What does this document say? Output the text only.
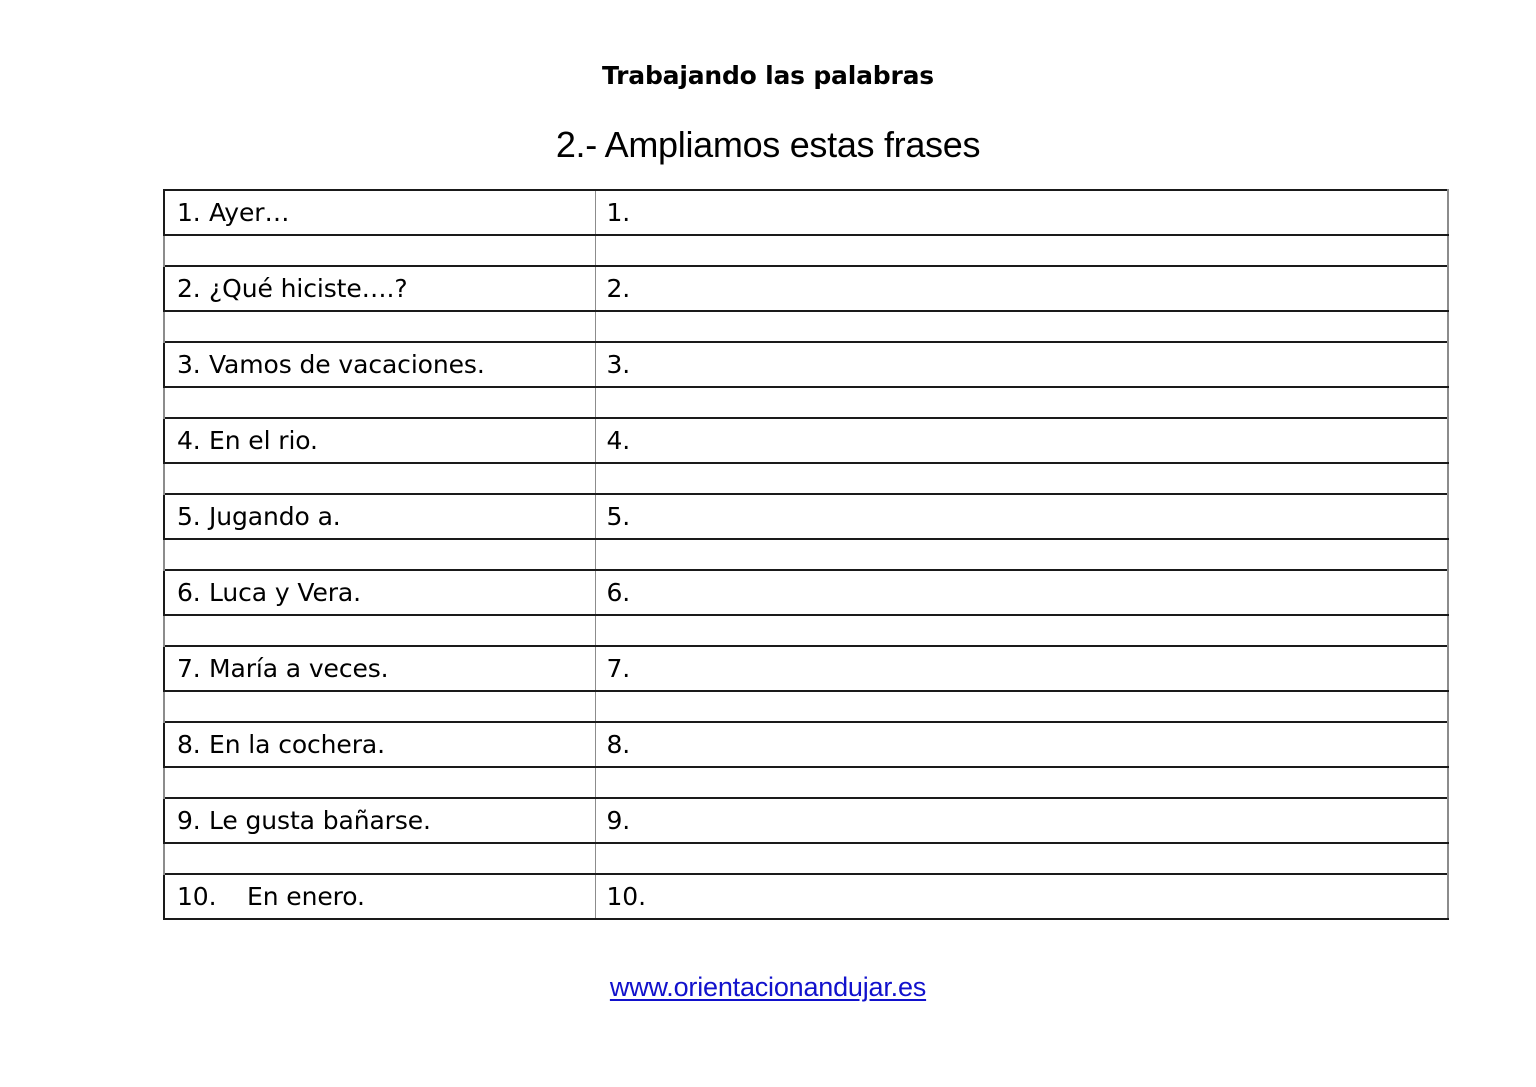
Trabajando las palabras
2.- Ampliamos estas frases
1. Ayer…	1.

2. ¿Qué hiciste….?	2.

3. Vamos de vacaciones.	3.

4. En el rio.	4.

5. Jugando a.	5.

6. Luca y Vera.	6.

7. María a veces.	7.

8. En la cochera.	8.

9. Le gusta bañarse.	9.

10. En enero.	10.
www.orientacionandujar.es
